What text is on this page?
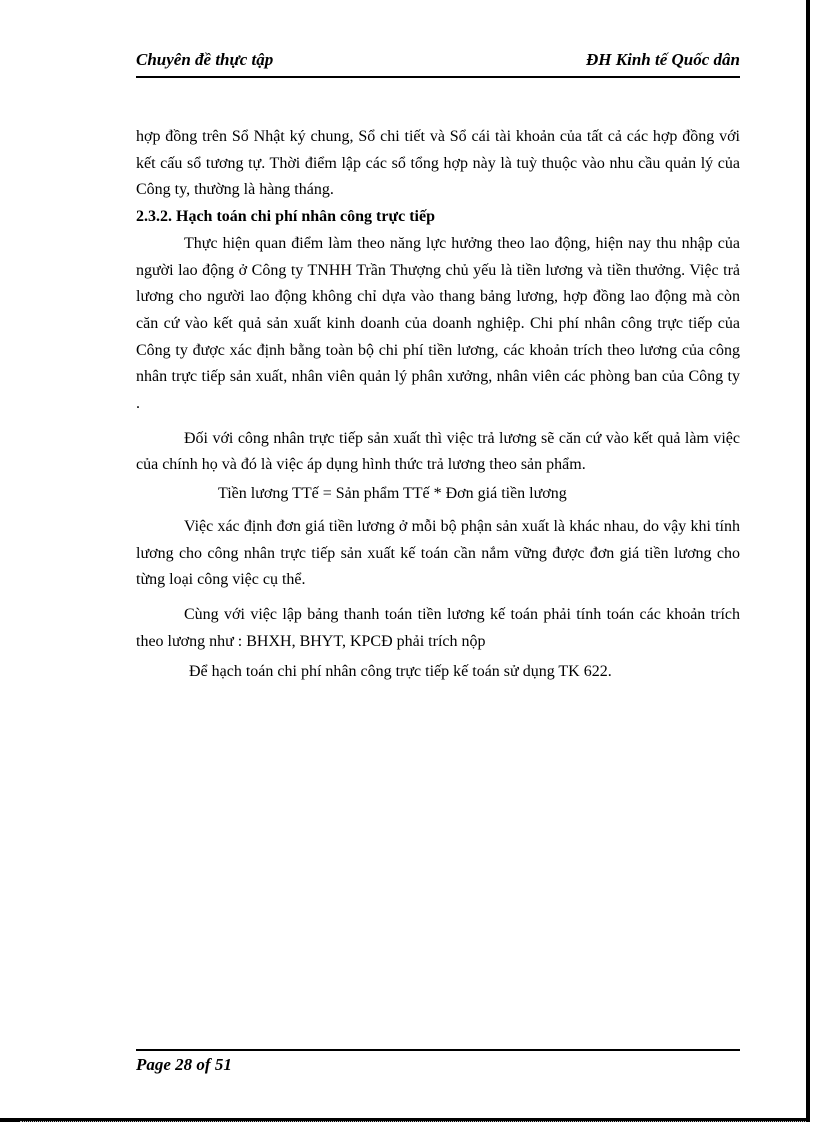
Chuyên đề thực tập	ĐH Kinh tế Quốc dân

hợp đồng trên Sổ Nhật ký chung, Sổ chi tiết và Sổ cái tài khoản của tất cả các hợp đồng với kết cấu sổ tương tự. Thời điểm lập các sổ tổng hợp này là tuỳ thuộc vào nhu cầu quản lý của Công ty, thường là hàng tháng.

2.3.2. Hạch toán chi phí nhân công trực tiếp

Thực hiện quan điểm làm theo năng lực hưởng theo lao động, hiện nay thu nhập của người lao động ở Công ty TNHH Trần Thượng chủ yếu là tiền lương và tiền thưởng. Việc trả lương cho người lao động không chỉ dựa vào thang bảng lương, hợp đồng lao động mà còn căn cứ vào kết quả sản xuất kinh doanh của doanh nghiệp. Chi phí nhân công trực tiếp của Công ty được xác định bằng toàn bộ chi phí tiền lương, các khoản trích theo lương của công nhân trực tiếp sản xuất, nhân viên quản lý phân xưởng, nhân viên các phòng ban của Công ty .

Đối với công nhân trực tiếp sản xuất thì việc trả lương sẽ căn cứ vào kết quả làm việc của chính họ và đó là việc áp dụng hình thức trả lương theo sản phẩm.

Tiền lương TTế = Sản phẩm TTế * Đơn giá tiền lương

Việc xác định đơn giá tiền lương ở mỗi bộ phận sản xuất là khác nhau, do vậy khi tính lương cho công nhân trực tiếp sản xuất kế toán cần nắm vững được đơn giá tiền lương cho từng loại công việc cụ thể.

Cùng với việc lập bảng thanh toán tiền lương kế toán phải tính toán các khoản trích theo lương như : BHXH, BHYT, KPCĐ phải trích nộp

Để hạch toán chi phí nhân công trực tiếp kế toán sử dụng TK 622.

Page 28 of 51
